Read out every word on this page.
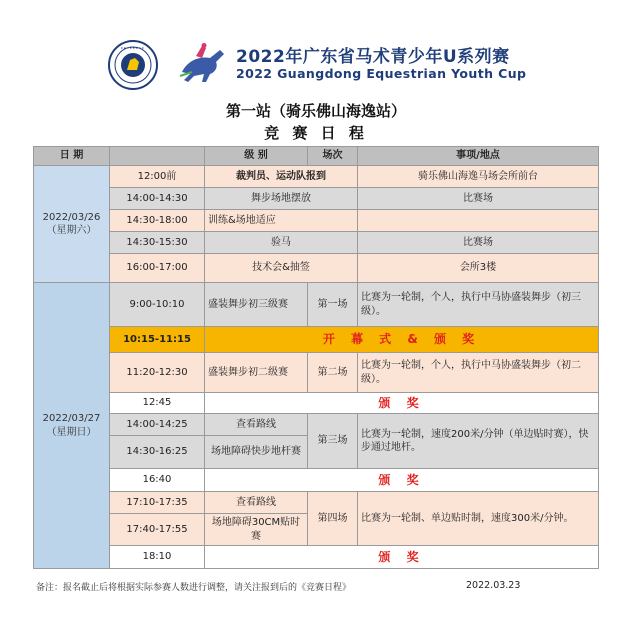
2022年广东省马术青少年U系列赛
2022 Guangdong Equestrian Youth Cup
第一站（骑乐佛山海逸站）
竞 赛 日 程
日 期		级 别	场次	事项/地点

2022/03/26
（星期六）	12:00前	裁判员、运动队报到		骑乐佛山海逸马场会所前台
	14:00-14:30	舞步场地摆放		比赛场
	14:30-18:00	训练&场地适应		
	14:30-15:30	验马		比赛场
	16:00-17:00	技术会&抽签		会所3楼

2022/03/27
（星期日）	9:00-10:10	盛装舞步初三级赛	第一场	比赛为一轮制，个人，执行中马协盛装舞步（初三级）。
	10:15-11:15	开 幕 式 & 颁 奖		
	11:20-12:30	盛装舞步初二级赛	第二场	比赛为一轮制，个人，执行中马协盛装舞步（初二级）。
	12:45	颁 奖		
	14:00-14:25	查看路线	第三场	比赛为一轮制，速度200米/分钟（单边贴时赛），快步通过地杆。
	14:30-16:25	场地障碍快步地杆赛		
	16:40	颁 奖		
	17:10-17:35	查看路线	第四场	比赛为一轮制、单边贴时制，速度300米/分钟。
	17:40-17:55	场地障碍30CM贴时赛		
	18:10	颁 奖		
备注：报名截止后将根据实际参赛人数进行调整，请关注报到后的《竞赛日程》	2022.03.23
